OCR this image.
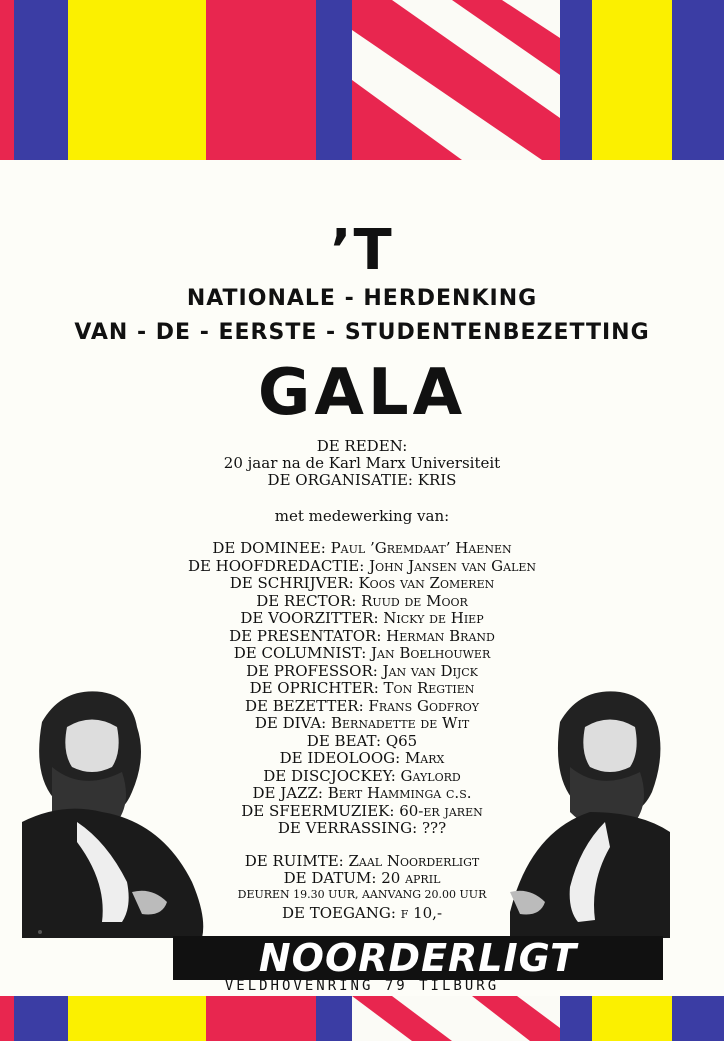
’T
NATIONALE - HERDENKING
VAN - DE - EERSTE - STUDENTENBEZETTING
GALA
DE REDEN:
20 jaar na de Karl Marx Universiteit
DE ORGANISATIE: KRIS
met medewerking van:
DE DOMINEE: Paul ’Gremdaat’ Haenen
DE HOOFDREDACTIE: John Jansen van Galen
DE SCHRIJVER: Koos van Zomeren
DE RECTOR: Ruud de Moor
DE VOORZITTER: Nicky de Hiep
DE PRESENTATOR: Herman Brand
DE COLUMNIST: Jan Boelhouwer
DE PROFESSOR: Jan van Dijck
DE OPRICHTER: Ton Regtien
DE BEZETTER: Frans Godfroy
DE DIVA: Bernadette de Wit
DE BEAT: Q65
DE IDEOLOOG: Marx
DE DISCJOCKEY: Gaylord
DE JAZZ: Bert Hamminga c.s.
DE SFEERMUZIEK: 60-er jaren
DE VERRASSING: ???
DE RUIMTE: Zaal Noorderligt
DE DATUM: 20 april
DEUREN 19.30 UUR, AANVANG 20.00 UUR
DE TOEGANG: f 10,-
NOORDERLIGT
VELDHOVENRING 79 TILBURG
